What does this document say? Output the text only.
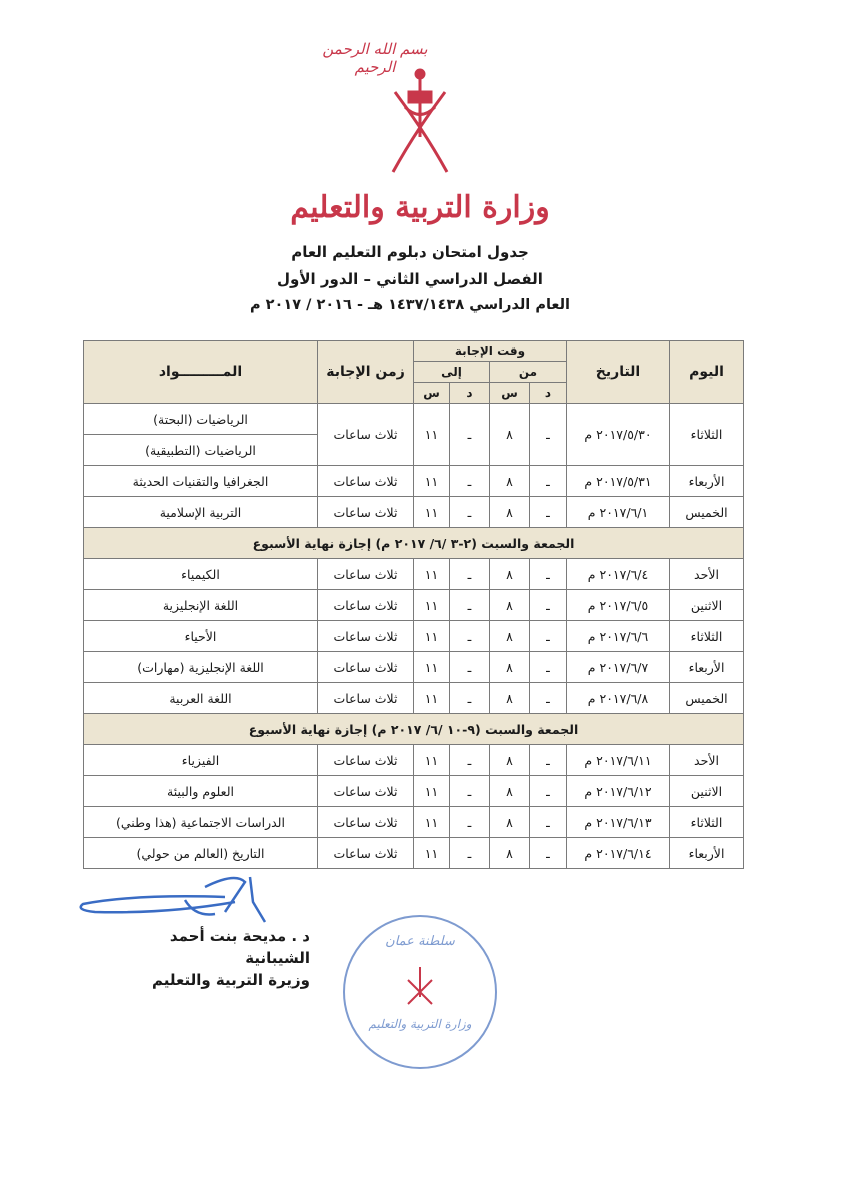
بسم الله الرحمن الرحيم
وزارة التربية والتعليم
جدول امتحان دبلوم التعليم العام
الفصل الدراسي الثاني – الدور الأول
العام الدراسي ١٤٣٧/١٤٣٨ هـ - ٢٠١٦ / ٢٠١٧ م
اليوم	التاريخ	وقت الإجابة				زمن الإجابة	المـــــــــواد
		من		إلى			
		د	س	د	س		
الثلاثاء	٢٠١٧/٥/٣٠ م	ـ	٨	ـ	١١	ثلاث ساعات	الرياضيات (البحتة)
							الرياضيات (التطبيقية)
الأربعاء	٢٠١٧/٥/٣١ م	ـ	٨	ـ	١١	ثلاث ساعات	الجغرافيا والتقنيات الحديثة
الخميس	٢٠١٧/٦/١ م	ـ	٨	ـ	١١	ثلاث ساعات	التربية الإسلامية
الجمعة والسبت (٢-٣ /٦/ ٢٠١٧ م) إجازة نهاية الأسبوع							
الأحد	٢٠١٧/٦/٤ م	ـ	٨	ـ	١١	ثلاث ساعات	الكيمياء
الاثنين	٢٠١٧/٦/٥ م	ـ	٨	ـ	١١	ثلاث ساعات	اللغة الإنجليزية
الثلاثاء	٢٠١٧/٦/٦ م	ـ	٨	ـ	١١	ثلاث ساعات	الأحياء
الأربعاء	٢٠١٧/٦/٧ م	ـ	٨	ـ	١١	ثلاث ساعات	اللغة الإنجليزية (مهارات)
الخميس	٢٠١٧/٦/٨ م	ـ	٨	ـ	١١	ثلاث ساعات	اللغة العربية
الجمعة والسبت (٩-١٠ /٦/ ٢٠١٧ م) إجازة نهاية الأسبوع							
الأحد	٢٠١٧/٦/١١ م	ـ	٨	ـ	١١	ثلاث ساعات	الفيزياء
الاثنين	٢٠١٧/٦/١٢ م	ـ	٨	ـ	١١	ثلاث ساعات	العلوم والبيئة
الثلاثاء	٢٠١٧/٦/١٣ م	ـ	٨	ـ	١١	ثلاث ساعات	الدراسات الاجتماعية (هذا وطني)
الأربعاء	٢٠١٧/٦/١٤ م	ـ	٨	ـ	١١	ثلاث ساعات	التاريخ (العالم من حولي)
د . مديحة بنت أحمد الشيبانية
وزيرة التربية والتعليم
سلطنة عمان
وزارة التربية والتعليم
